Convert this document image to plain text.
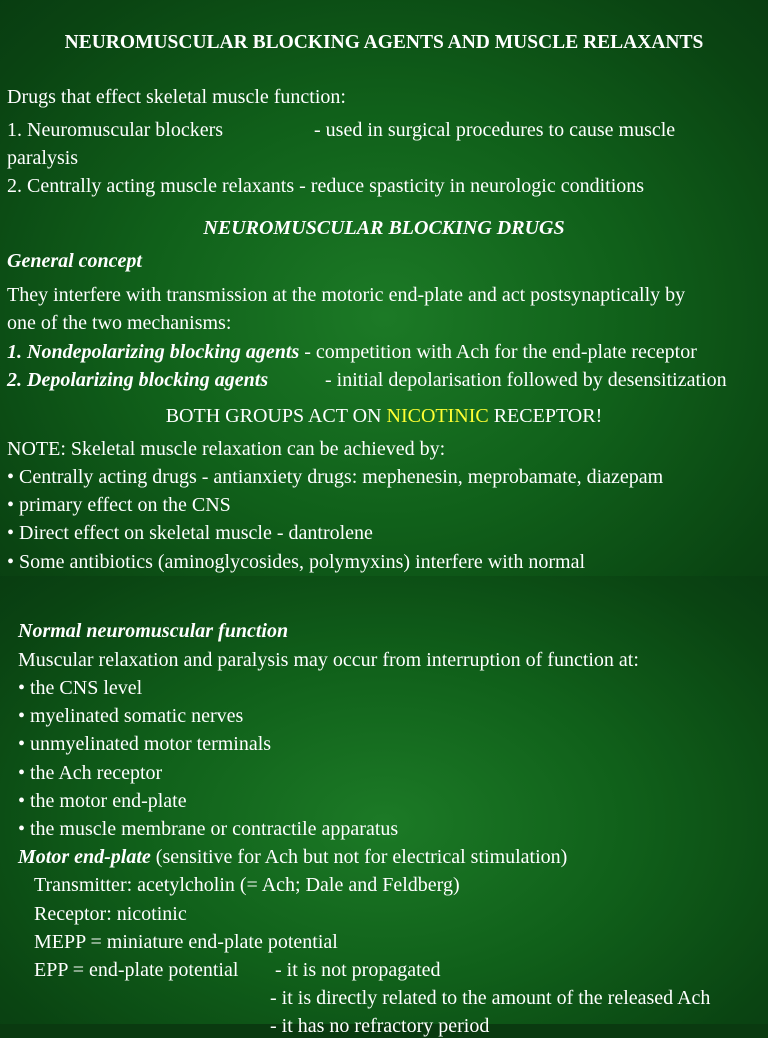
NEUROMUSCULAR BLOCKING AGENTS AND MUSCLE RELAXANTS
Drugs that effect skeletal muscle function:
1. Neuromuscular blockers	- used in surgical procedures to cause muscle
paralysis
2. Centrally acting muscle relaxants - reduce spasticity in neurologic conditions
NEUROMUSCULAR BLOCKING DRUGS
General concept
They interfere with transmission at the motoric end-plate and act postsynaptically by
one of the two mechanisms:
1. Nondepolarizing blocking agents - competition with Ach for the end-plate receptor
2. Depolarizing blocking agents	- initial depolarisation followed by desensitization
BOTH GROUPS ACT ON NICOTINIC RECEPTOR!
NOTE: Skeletal muscle relaxation can be achieved by:
• Centrally acting drugs - antianxiety drugs: mephenesin, meprobamate, diazepam
• primary effect on the CNS
• Direct effect on skeletal muscle - dantrolene
• Some antibiotics (aminoglycosides, polymyxins) interfere with normal
Normal neuromuscular function
Muscular relaxation and paralysis may occur from interruption of function at:
• the CNS level
• myelinated somatic nerves
• unmyelinated motor terminals
• the Ach receptor
• the motor end-plate
• the muscle membrane or contractile apparatus
Motor end-plate (sensitive for Ach but not for electrical stimulation)
Transmitter: acetylcholin (= Ach; Dale and Feldberg)
Receptor: nicotinic
MEPP = miniature end-plate potential
EPP = end-plate potential - it is not propagated
- it is directly related to the amount of the released Ach
- it has no refractory period
